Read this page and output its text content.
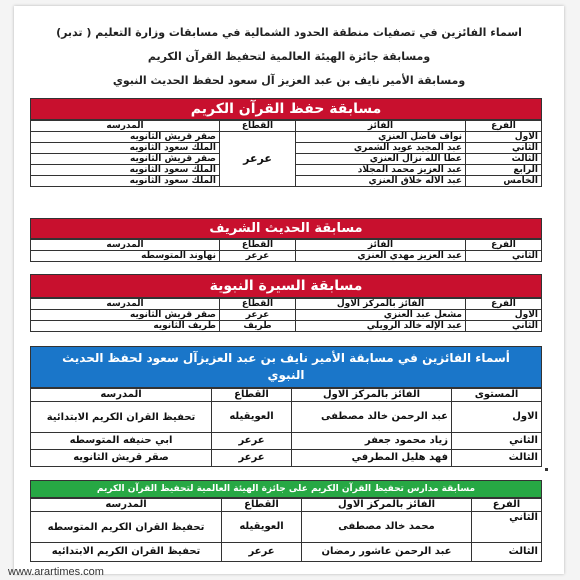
اسماء الفائزين في تصفيات منطقة الحدود الشمالية في مسابقات وزارة التعليم ( تدبر)
ومسابقة جائزة الهيئة العالمية لتحفيظ القرآن الكريم
ومسابقة الأمير نايف بن عبد العزيز آل سعود لحفظ الحديث النبوي
مسابقة حفظ القرآن الكريم
الفرع	الفائز	القطاع	المدرسه
الاول	نواف فاضل العنزي	عرعر	صقر قريش الثانويه
الثاني	عبد المجيد عويد الشمري		الملك سعود الثانويه
الثالث	عطا الله نزال العنزي		صقر قريش الثانويه
الرابع	عبد العزيز محمد المجلاد		الملك سعود الثانويه
الخامس	عبد الاله خلاق العنزي		الملك سعود الثانويه
مسابقة الحديث الشريف
الفرع	الفائز	القطاع	المدرسه
الثاني	عبد العزيز مهدي العنزي	عرعر	نهاوند المتوسطه
مسابقة السيرة النبوية
الفرع	الفائز بالمركز الاول	القطاع	المدرسه
الاول	مشعل عبد العنزي	عرعر	صقر قريش الثانويه
الثاني	عبد الإله خالد الرويلي	طريف	طريف الثانويه
أسماء الفائزين في مسابقة الأمير نايف بن عبد العزيزآل سعود لحفظ الحديث النبوي
المستوى	الفائز بالمركز الاول	القطاع	المدرسه
الاول	عبد الرحمن خالد مصطفى	العويقيله	تحفيظ القران الكريم الابتدائية
الثاني	زياد محمود جعفر	عرعر	ابي حنيفه المتوسطه
الثالث	فهد هليل المطرفي	عرعر	صقر قريش الثانويه
مسابقة مدارس تحفيظ القرآن الكريم على جائزة الهيئة العالمية لتحفيظ القرآن الكريم
الفرع	الفائز بالمركز الاول	القطاع	المدرسه
الثاني	محمد خالد مصطفى	العويقيله	تحفيظ القران الكريم المتوسطه
الثالث	عبد الرحمن عاشور رمضان	عرعر	تحفيظ القران الكريم الابتدائيه
www.arartimes.com
